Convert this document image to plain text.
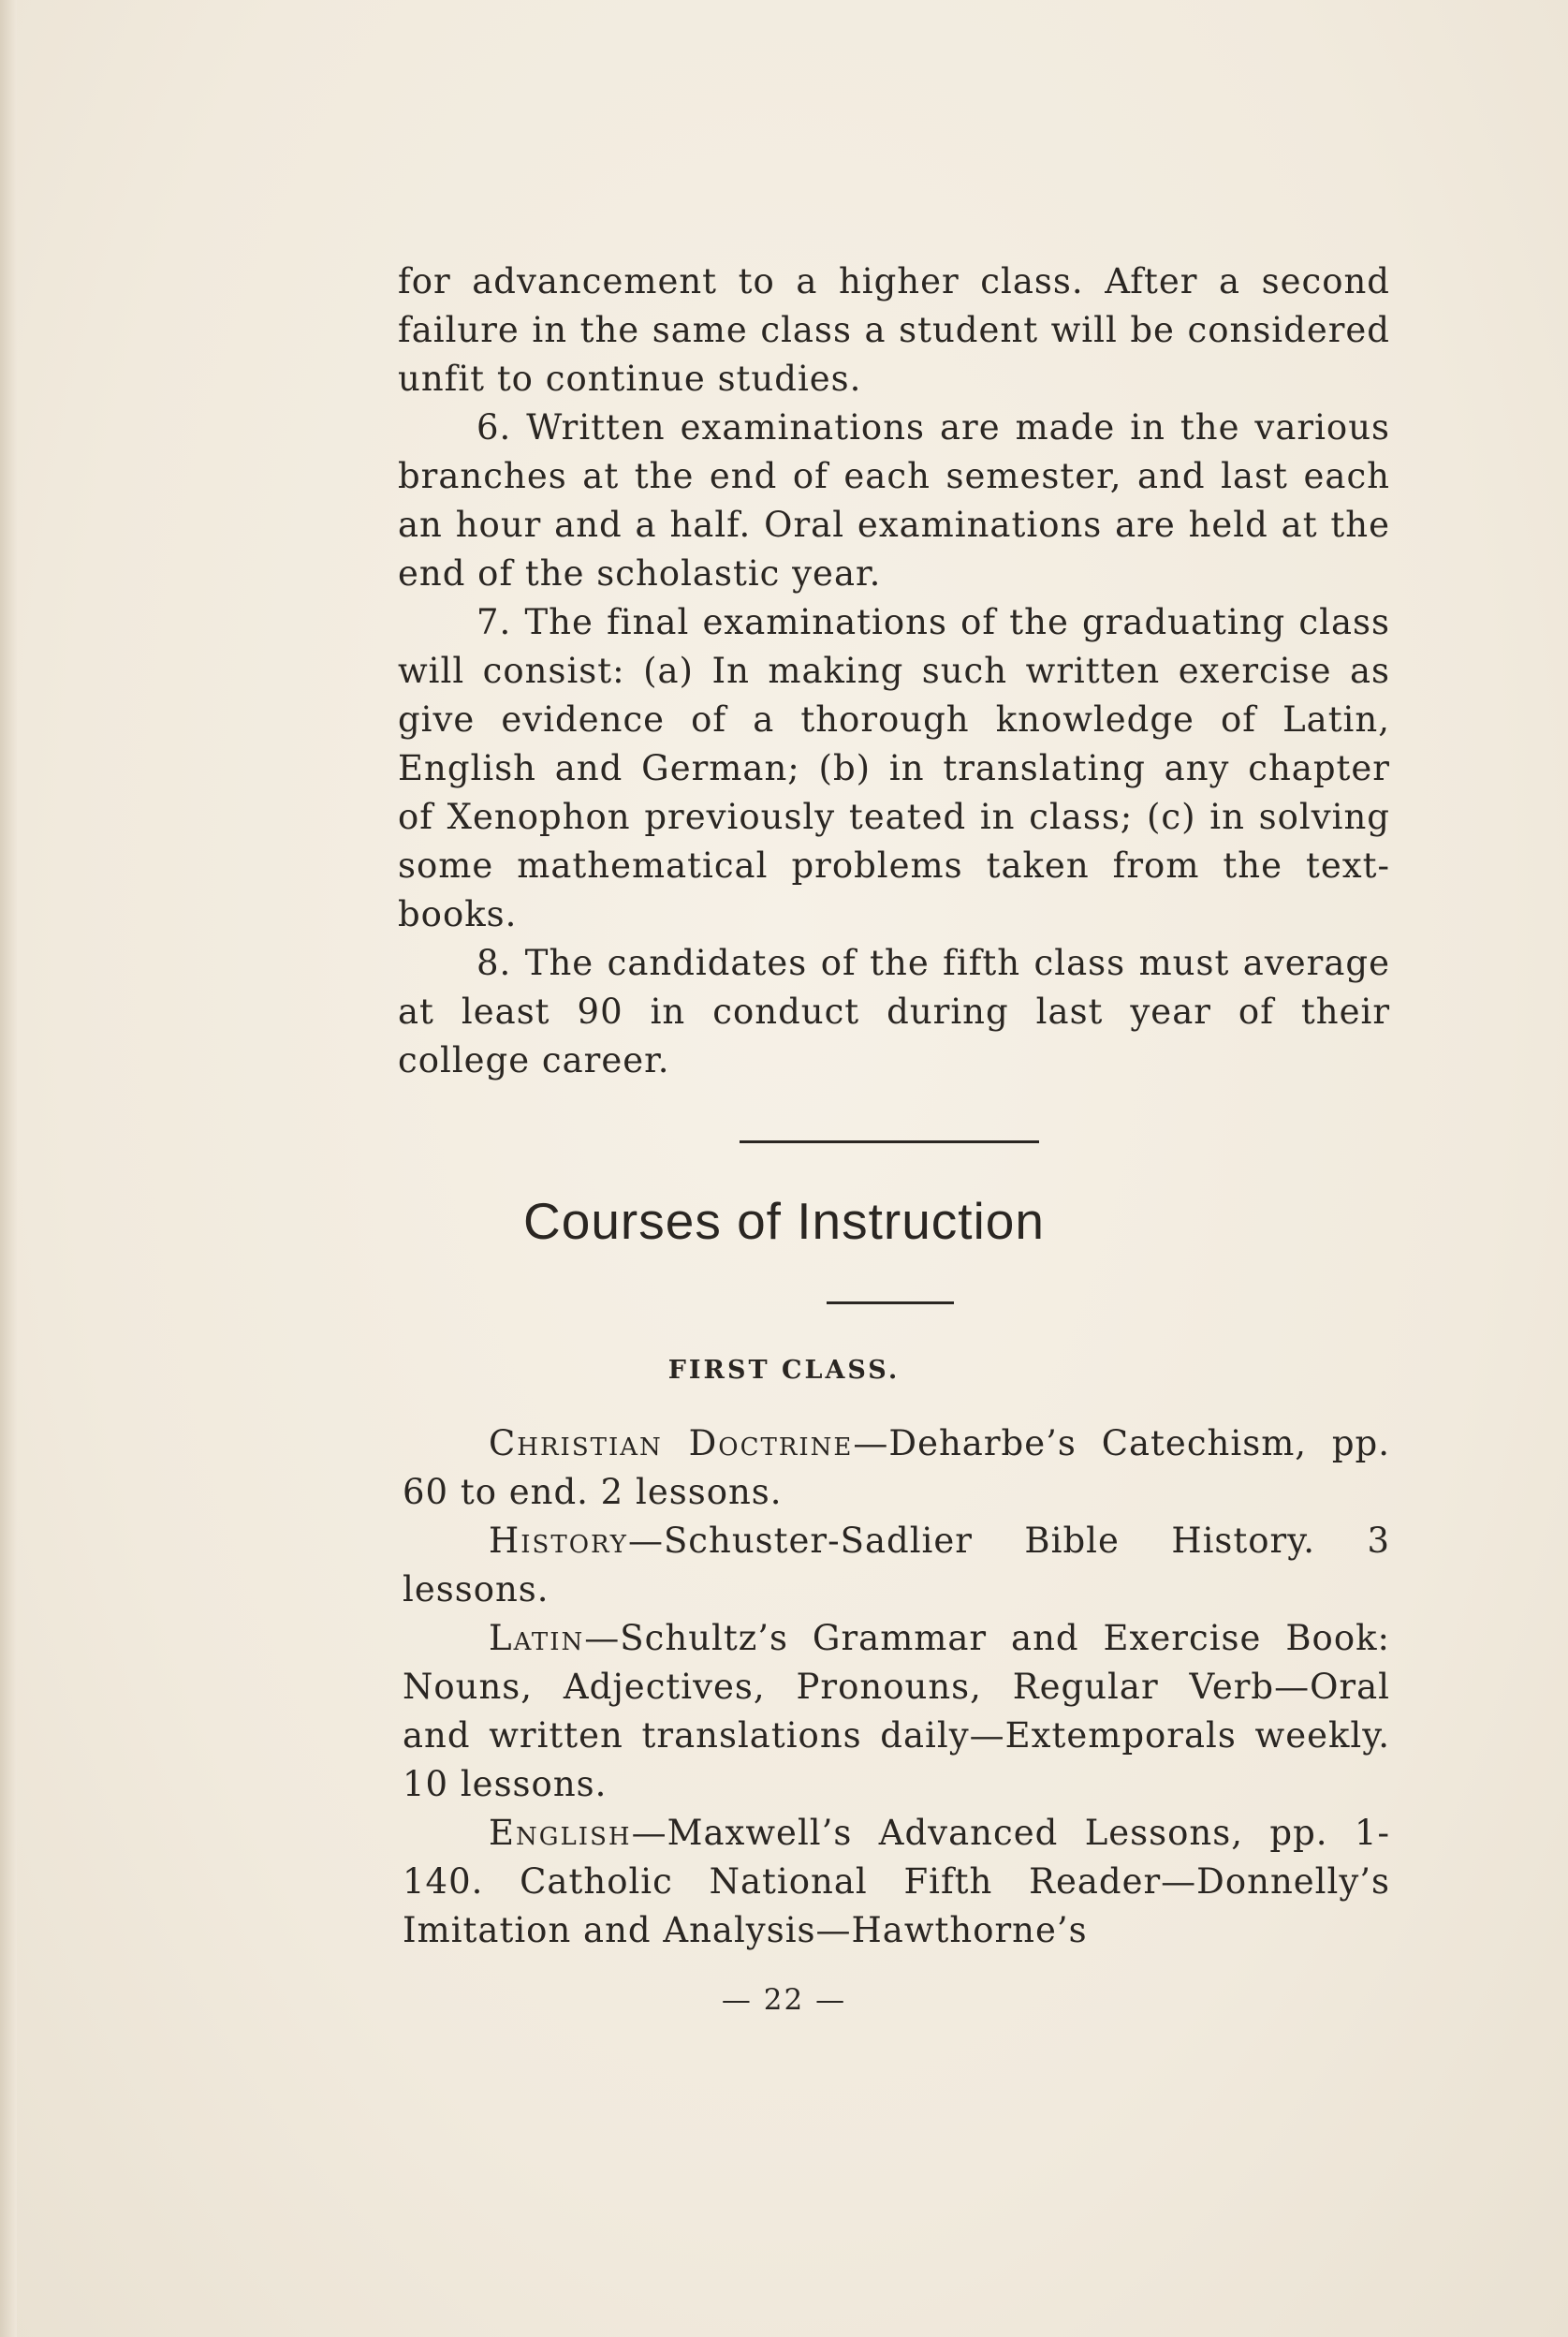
for advancement to a higher class. After a second failure in the same class a student will be considered unfit to continue studies.

6. Written examinations are made in the various branches at the end of each semester, and last each an hour and a half. Oral examinations are held at the end of the scholastic year.

7. The final examinations of the graduating class will consist: (a) In making such written exercise as give evidence of a thorough knowledge of Latin, English and German; (b) in translating any chapter of Xenophon previously teated in class; (c) in solving some mathematical problems taken from the text-books.

8. The candidates of the fifth class must average at least 90 in conduct during last year of their college career.

Courses of Instruction
FIRST CLASS.

Christian Doctrine—Deharbe’s Catechism, pp. 60 to end. 2 lessons.

History—Schuster-Sadlier Bible History. 3 lessons.

Latin—Schultz’s Grammar and Exercise Book: Nouns, Adjectives, Pronouns, Regular Verb—Oral and written translations daily—Extemporals weekly. 10 lessons.

English—Maxwell’s Advanced Lessons, pp. 1-140. Catholic National Fifth Reader—Donnelly’s Imitation and Analysis—Hawthorne’s

— 22 —
